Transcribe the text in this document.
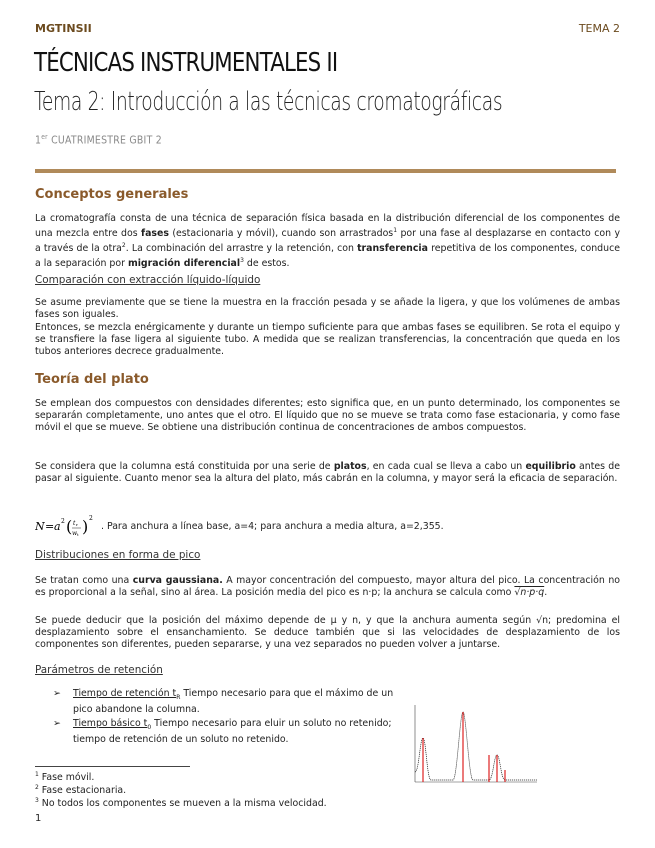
MGTINSII	TEMA 2
TÉCNICAS INSTRUMENTALES II
Tema 2: Introducción a las técnicas cromatográficas
1er CUATRIMESTRE GBIT 2
Conceptos generales

La cromatografía consta de una técnica de separación física basada en la distribución diferencial de los componentes de una mezcla entre dos fases (estacionaria y móvil), cuando son arrastrados$^1$ por una fase al desplazarse en contacto con y a través de la otra$^2$. La combinación del arrastre y la retención, con transferencia repetitiva de los componentes, conduce a la separación por migración diferencial$^3$ de estos.

Comparación con extracción líquido-líquido

Se asume previamente que se tiene la muestra en la fracción pesada y se añade la ligera, y que los volúmenes de ambas fases son iguales.

Entonces, se mezcla enérgicamente y durante un tiempo suficiente para que ambas fases se equilibren. Se rota el equipo y se transfiere la fase ligera al siguiente tubo. A medida que se realizan transferencias, la concentración que queda en los tubos anteriores decrece gradualmente.

Teoría del plato

Se emplean dos compuestos con densidades diferentes; esto significa que, en un punto determinado, los componentes se separarán completamente, uno antes que el otro. El líquido que no se mueve se trata como fase estacionaria, y como fase móvil el que se mueve. Se obtiene una distribución continua de concentraciones de ambos compuestos.

Se considera que la columna está constituida por una serie de platos, en cada cual se lleva a cabo un equilibrio antes de pasar al siguiente. Cuanto menor sea la altura del plato, más cabrán en la columna, y mayor será la eficacia de separación.

N = a 2 ( t r
w t ) 2
. Para anchura a línea base, a=4; para anchura a media altura, a=2,355.
Distribuciones en forma de pico

Se tratan como una curva gaussiana. A mayor concentración del compuesto, mayor altura del pico. La concentración no es proporcional a la señal, sino al área. La posición media del pico es n·p; la anchura se calcula como √n·p·q.

Se puede deducir que la posición del máximo depende de μ y n, y que la anchura aumenta según √n; predomina el desplazamiento sobre el ensanchamiento. Se deduce también que si las velocidades de desplazamiento de los componentes son diferentes, pueden separarse, y una vez separados no pueden volver a juntarse.

Parámetros de retención
➢	Tiempo de retención $t_R$ Tiempo necesario para que el máximo de un pico abandone la columna.
➢	Tiempo básico $t_0$ Tiempo necesario para eluir un soluto no retenido; tiempo de retención de un soluto no retenido.
$^1$ Fase móvil.
$^2$ Fase estacionaria.
$^3$ No todos los componentes se mueven a la misma velocidad.
1
